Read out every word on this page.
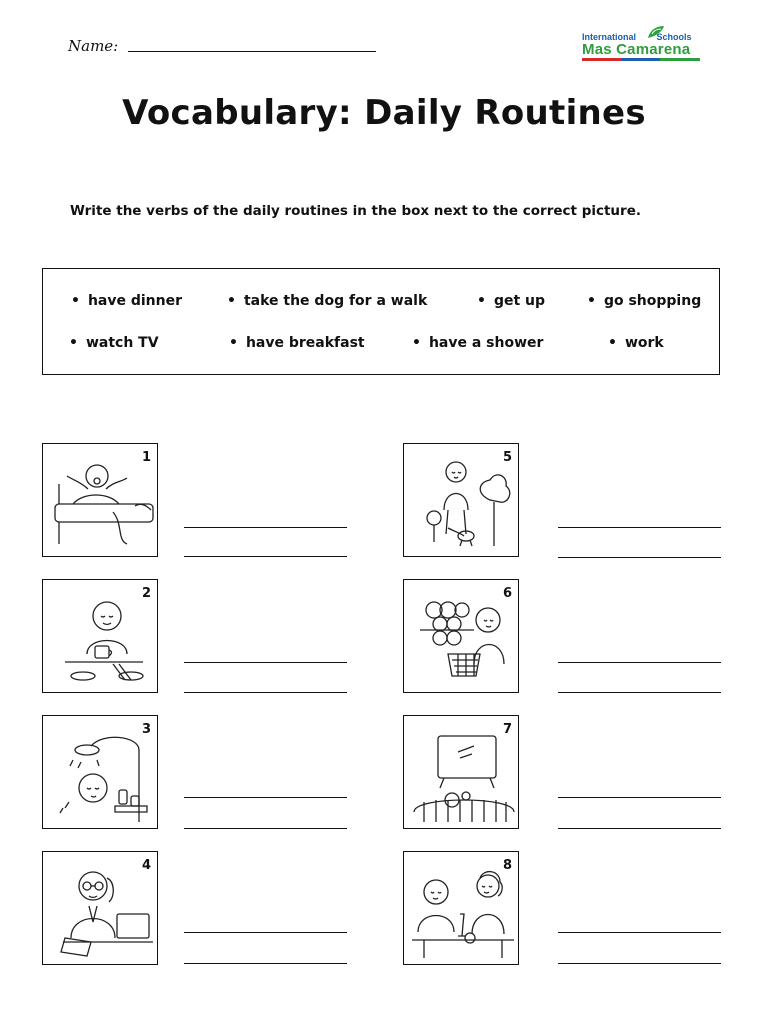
Name:	International Schools
Mas Camarena
Vocabulary: Daily Routines
Write the verbs of the daily routines in the box next to the correct picture.
• have dinner	• take the dog for a walk	• get up	• go shopping
• watch TV	• have breakfast	• have a shower	• work
1
2
3
4
5
6
7
8
